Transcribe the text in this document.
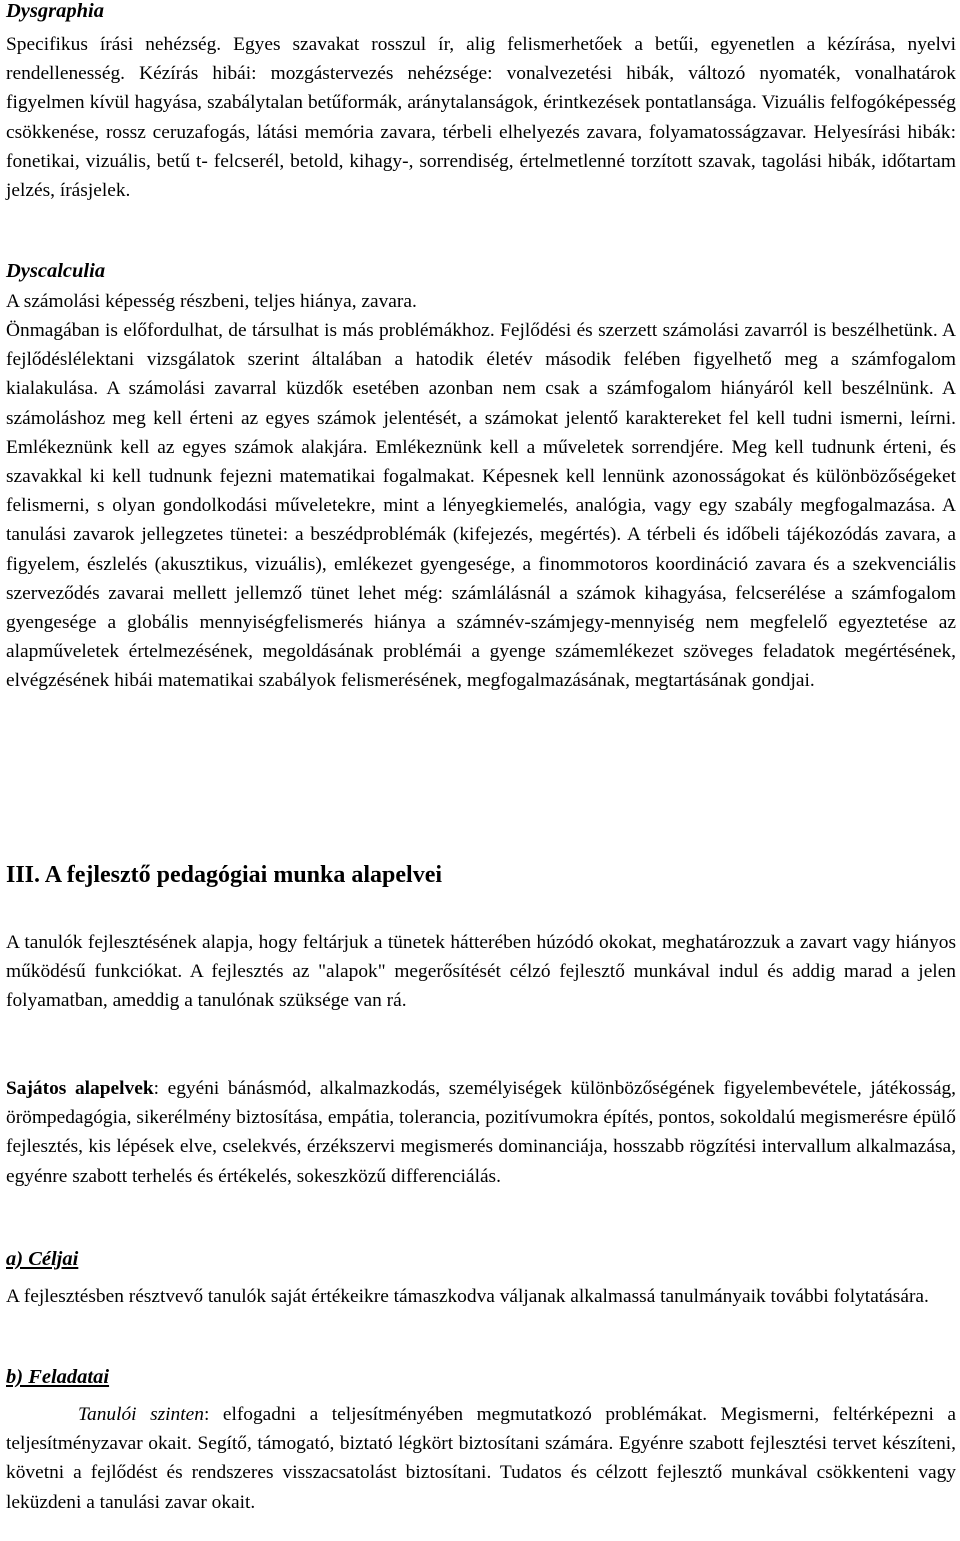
Dysgraphia

Specifikus írási nehézség. Egyes szavakat rosszul ír, alig felismerhetőek a betűi, egyenetlen a kézírása, nyelvi rendellenesség. Kézírás hibái: mozgástervezés nehézsége: vonalvezetési hibák, változó nyomaték, vonalhatárok figyelmen kívül hagyása, szabálytalan betűformák, aránytalanságok, érintkezések pontatlansága. Vizuális felfogóképesség csökkenése, rossz ceruzafogás, látási memória zavara, térbeli elhelyezés zavara, folyamatosságzavar. Helyesírási hibák: fonetikai, vizuális, betű t- felcserél, betold, kihagy-, sorrendiség, értelmetlenné torzított szavak, tagolási hibák, időtartam jelzés, írásjelek.

Dyscalculia

A számolási képesség részbeni, teljes hiánya, zavara.

Önmagában is előfordulhat, de társulhat is más problémákhoz. Fejlődési és szerzett számolási zavarról is beszélhetünk. A fejlődéslélektani vizsgálatok szerint általában a hatodik életév második felében figyelhető meg a számfogalom kialakulása. A számolási zavarral küzdők esetében azonban nem csak a számfogalom hiányáról kell beszélnünk. A számoláshoz meg kell érteni az egyes számok jelentését, a számokat jelentő karaktereket fel kell tudni ismerni, leírni. Emlékeznünk kell az egyes számok alakjára. Emlékeznünk kell a műveletek sorrendjére. Meg kell tudnunk érteni, és szavakkal ki kell tudnunk fejezni matematikai fogalmakat. Képesnek kell lennünk azonosságokat és különbözőségeket felismerni, s olyan gondolkodási műveletekre, mint a lényegkiemelés, analógia, vagy egy szabály megfogalmazása. A tanulási zavarok jellegzetes tünetei: a beszédproblémák (kifejezés, megértés). A térbeli és időbeli tájékozódás zavara, a figyelem, észlelés (akusztikus, vizuális), emlékezet gyengesége, a finommotoros koordináció zavara és a szekvenciális szerveződés zavarai mellett jellemző tünet lehet még: számlálásnál a számok kihagyása, felcserélése a számfogalom gyengesége a globális mennyiségfelismerés hiánya a számnév-számjegy-mennyiség nem megfelelő egyeztetése az alapműveletek értelmezésének, megoldásának problémái a gyenge számemlékezet szöveges feladatok megértésének, elvégzésének hibái matematikai szabályok felismerésének, megfogalmazásának, megtartásának gondjai.

III. A fejlesztő pedagógiai munka alapelvei

A tanulók fejlesztésének alapja, hogy feltárjuk a tünetek hátterében húzódó okokat, meghatározzuk a zavart vagy hiányos működésű funkciókat. A fejlesztés az "alapok" megerősítését célzó fejlesztő munkával indul és addig marad a jelen folyamatban, ameddig a tanulónak szüksége van rá.

Sajátos alapelvek: egyéni bánásmód, alkalmazkodás, személyiségek különbözőségének figyelembevétele, játékosság, örömpedagógia, sikerélmény biztosítása, empátia, tolerancia, pozitívumokra építés, pontos, sokoldalú megismerésre épülő fejlesztés, kis lépések elve, cselekvés, érzékszervi megismerés dominanciája, hosszabb rögzítési intervallum alkalmazása, egyénre szabott terhelés és értékelés, sokeszközű differenciálás.

a) Céljai

A fejlesztésben résztvevő tanulók saját értékeikre támaszkodva váljanak alkalmassá tanulmányaik további folytatására.

b) Feladatai

Tanulói szinten: elfogadni a teljesítményében megmutatkozó problémákat. Megismerni, feltérképezni a teljesítményzavar okait. Segítő, támogató, biztató légkört biztosítani számára. Egyénre szabott fejlesztési tervet készíteni, követni a fejlődést és rendszeres visszacsatolást biztosítani. Tudatos és célzott fejlesztő munkával csökkenteni vagy leküzdeni a tanulási zavar okait.
